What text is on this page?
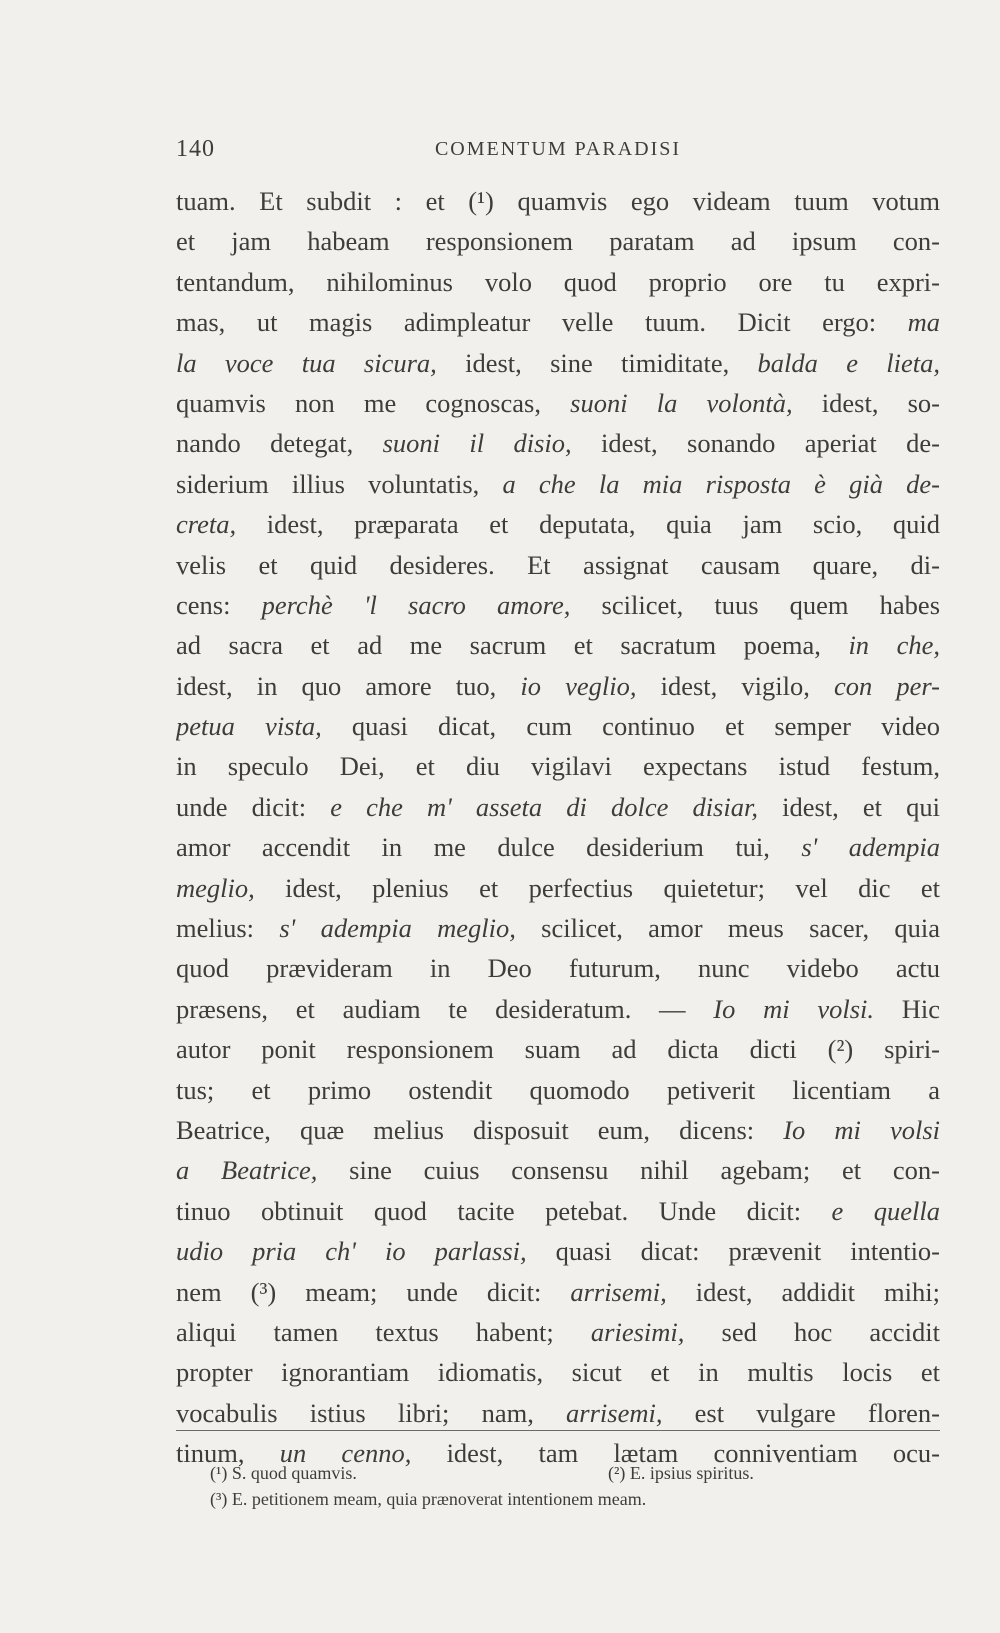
140	COMENTUM PARADISI
tuam. Et subdit : et (¹) quamvis ego videam tuum votum
et jam habeam responsionem paratam ad ipsum con-
tentandum, nihilominus volo quod proprio ore tu expri-
mas, ut magis adimpleatur velle tuum. Dicit ergo: ma
la voce tua sicura, idest, sine timiditate, balda e lieta,
quamvis non me cognoscas, suoni la volontà, idest, so-
nando detegat, suoni il disio, idest, sonando aperiat de-
siderium illius voluntatis, a che la mia risposta è già de-
creta, idest, præparata et deputata, quia jam scio, quid
velis et quid desideres. Et assignat causam quare, di-
cens: perchè 'l sacro amore, scilicet, tuus quem habes
ad sacra et ad me sacrum et sacratum poema, in che,
idest, in quo amore tuo, io veglio, idest, vigilo, con per-
petua vista, quasi dicat, cum continuo et semper video
in speculo Dei, et diu vigilavi expectans istud festum,
unde dicit: e che m' asseta di dolce disiar, idest, et qui
amor accendit in me dulce desiderium tui, s' adempia
meglio, idest, plenius et perfectius quietetur; vel dic et
melius: s' adempia meglio, scilicet, amor meus sacer, quia
quod prævideram in Deo futurum, nunc videbo actu
præsens, et audiam te desideratum. — Io mi volsi. Hic
autor ponit responsionem suam ad dicta dicti (²) spiri-
tus; et primo ostendit quomodo petiverit licentiam a
Beatrice, quæ melius disposuit eum, dicens: Io mi volsi
a Beatrice, sine cuius consensu nihil agebam; et con-
tinuo obtinuit quod tacite petebat. Unde dicit: e quella
udio pria ch' io parlassi, quasi dicat: prævenit intentio-
nem (³) meam; unde dicit: arrisemi, idest, addidit mihi;
aliqui tamen textus habent; ariesimi, sed hoc accidit
propter ignorantiam idiomatis, sicut et in multis locis et
vocabulis istius libri; nam, arrisemi, est vulgare floren-
tinum, un cenno, idest, tam lætam conniventiam ocu-
(¹) S. quod quamvis.	(²) E. ipsius spiritus.
(³) E. petitionem meam, quia prænoverat intentionem meam.
